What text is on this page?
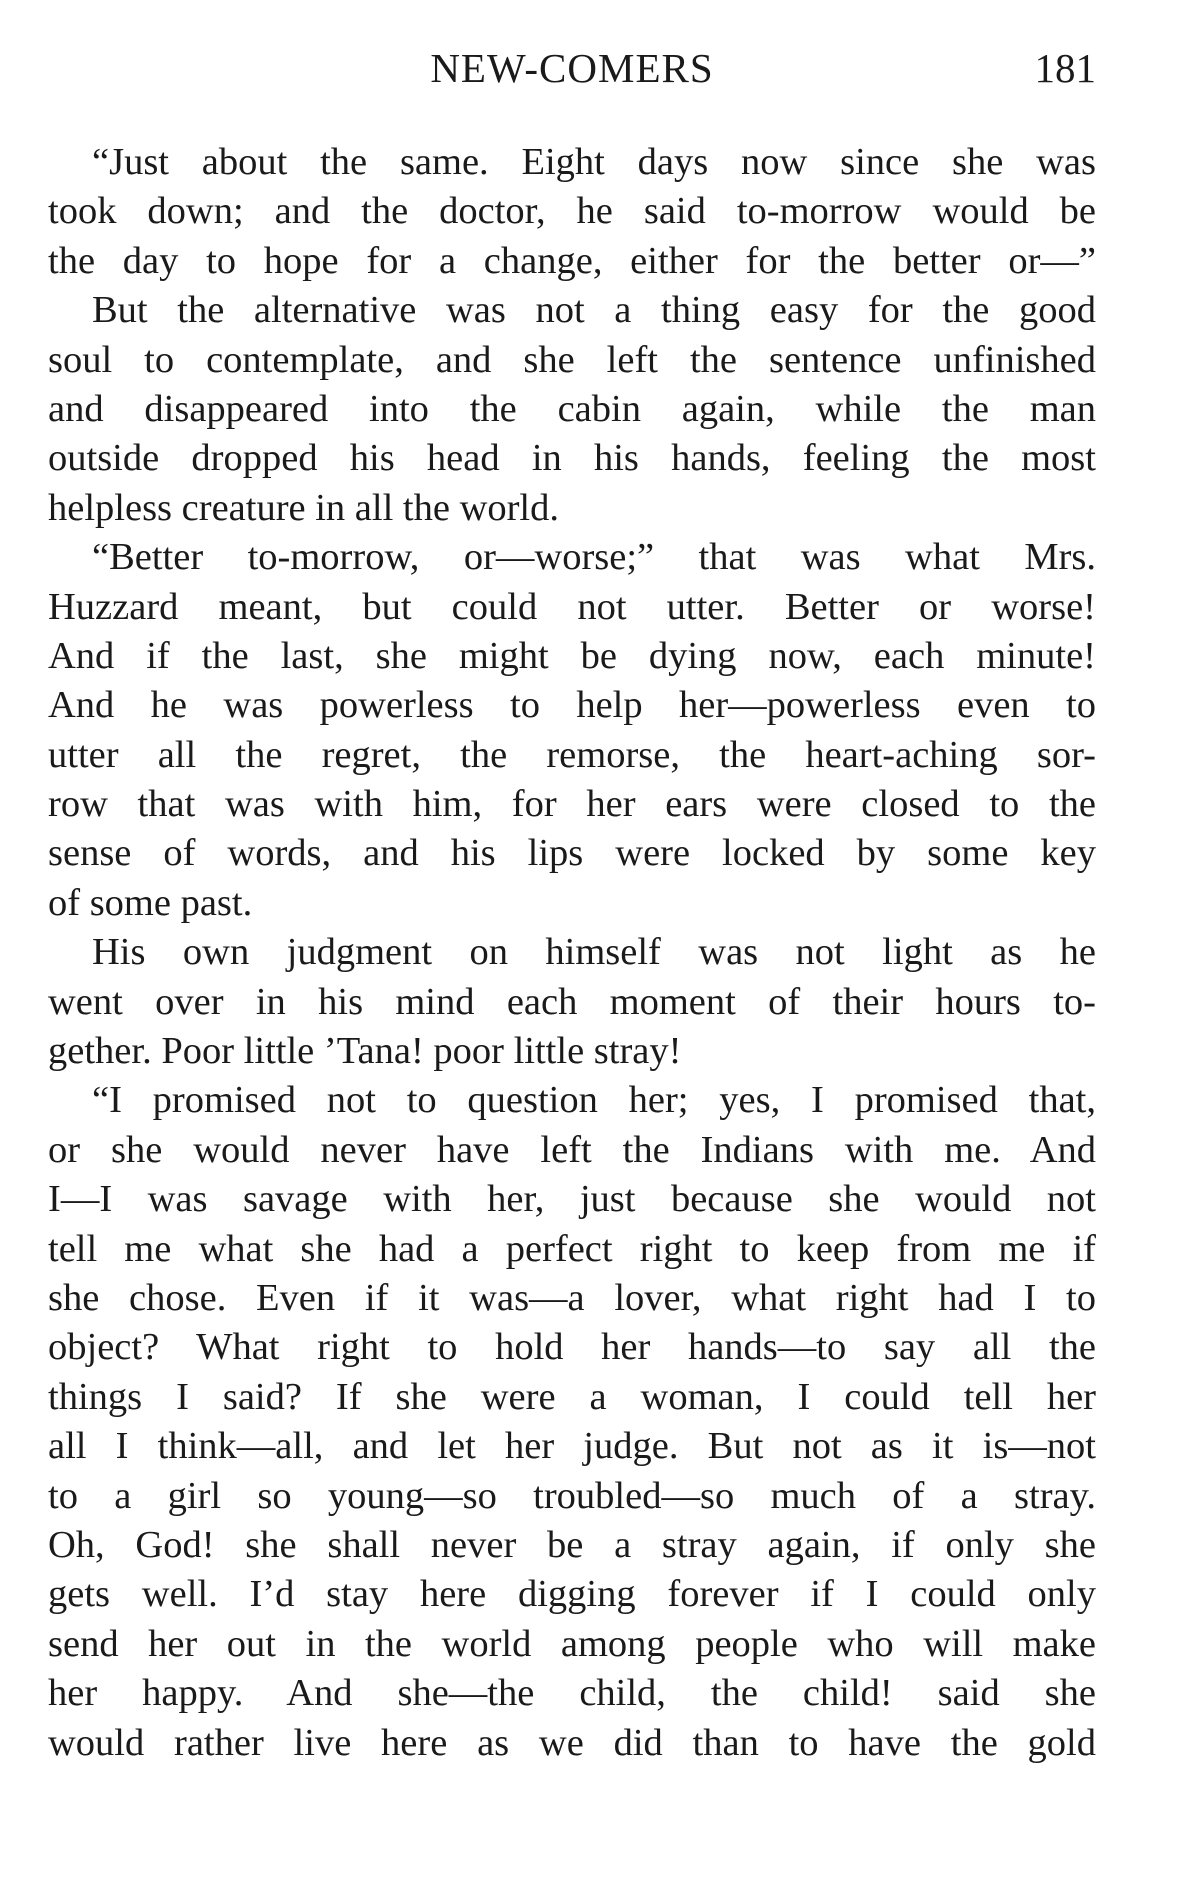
NEW-COMERS	181
“Just about the same. Eight days now since she was
took down; and the doctor, he said to-morrow would be
the day to hope for a change, either for the better or—”
But the alternative was not a thing easy for the good
soul to contemplate, and she left the sentence unfinished
and disappeared into the cabin again, while the man
outside dropped his head in his hands, feeling the most
helpless creature in all the world.
“Better to-morrow, or—worse;” that was what Mrs.
Huzzard meant, but could not utter. Better or worse!
And if the last, she might be dying now, each minute!
And he was powerless to help her—powerless even to
utter all the regret, the remorse, the heart-aching sor-
row that was with him, for her ears were closed to the
sense of words, and his lips were locked by some key
of some past.
His own judgment on himself was not light as he
went over in his mind each moment of their hours to-
gether. Poor little ’Tana! poor little stray!
“I promised not to question her; yes, I promised that,
or she would never have left the Indians with me. And
I—I was savage with her, just because she would not
tell me what she had a perfect right to keep from me if
she chose. Even if it was—a lover, what right had I to
object? What right to hold her hands—to say all the
things I said? If she were a woman, I could tell her
all I think—all, and let her judge. But not as it is—not
to a girl so young—so troubled—so much of a stray.
Oh, God! she shall never be a stray again, if only she
gets well. I’d stay here digging forever if I could only
send her out in the world among people who will make
her happy. And she—the child, the child! said she
would rather live here as we did than to have the gold
